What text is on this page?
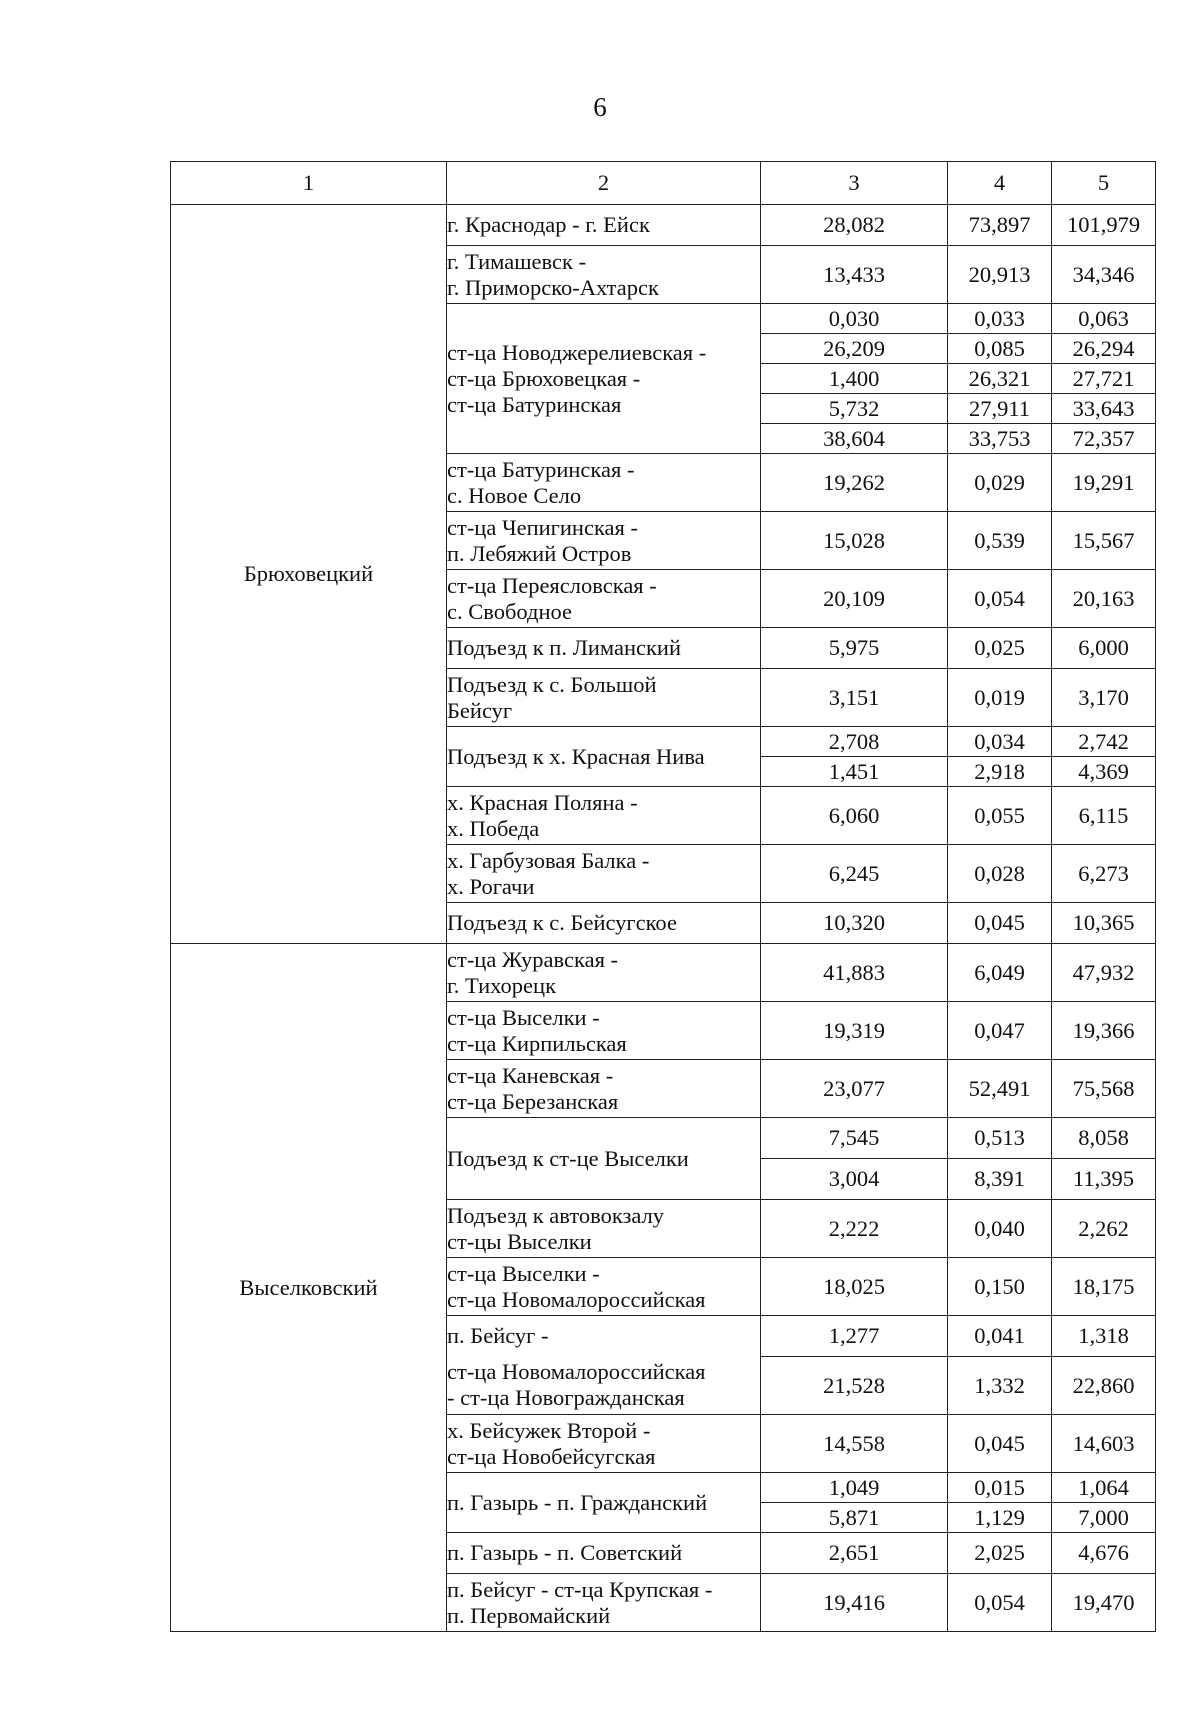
6
1	2	3	4	5
Брюховецкий	г. Краснодар - г. Ейск	28,082	73,897	101,979

	г. Тимашевск -
г. Приморско-Ахтарск	13,433	20,913	34,346

	ст-ца Новоджерелиевская -
ст-ца Брюховецкая -
ст-ца Батуринская	0,030	0,033	0,063
		26,209	0,085	26,294
		1,400	26,321	27,721
		5,732	27,911	33,643
		38,604	33,753	72,357

	ст-ца Батуринская -
с. Новое Село	19,262	0,029	19,291

	ст-ца Чепигинская -
п. Лебяжий Остров	15,028	0,539	15,567

	ст-ца Переясловская -
с. Свободное	20,109	0,054	20,163

	Подъезд к п. Лиманский	5,975	0,025	6,000

	Подъезд к с. Большой
Бейсуг	3,151	0,019	3,170

	Подъезд к х. Красная Нива	2,708	0,034	2,742
		1,451	2,918	4,369

	х. Красная Поляна -
х. Победа	6,060	0,055	6,115

	х. Гарбузовая Балка -
х. Рогачи	6,245	0,028	6,273

	Подъезд к с. Бейсугское	10,320	0,045	10,365
Выселковский	ст-ца Журавская -
г. Тихорецк	41,883	6,049	47,932

	ст-ца Выселки -
ст-ца Кирпильская	19,319	0,047	19,366

	ст-ца Каневская -
ст-ца Березанская	23,077	52,491	75,568

	Подъезд к ст-це Выселки	7,545	0,513	8,058
		3,004	8,391	11,395

	Подъезд к автовокзалу
ст-цы Выселки	2,222	0,040	2,262

	ст-ца Выселки -
ст-ца Новомалороссийская	18,025	0,150	18,175

	п. Бейсуг -	1,277	0,041	1,318

	ст-ца Новомалороссийская
- ст-ца Новогражданская	21,528	1,332	22,860

	х. Бейсужек Второй -
ст-ца Новобейсугская	14,558	0,045	14,603

	п. Газырь - п. Гражданский	1,049	0,015	1,064
		5,871	1,129	7,000

	п. Газырь - п. Советский	2,651	2,025	4,676

	п. Бейсуг - ст-ца Крупская -
п. Первомайский	19,416	0,054	19,470
